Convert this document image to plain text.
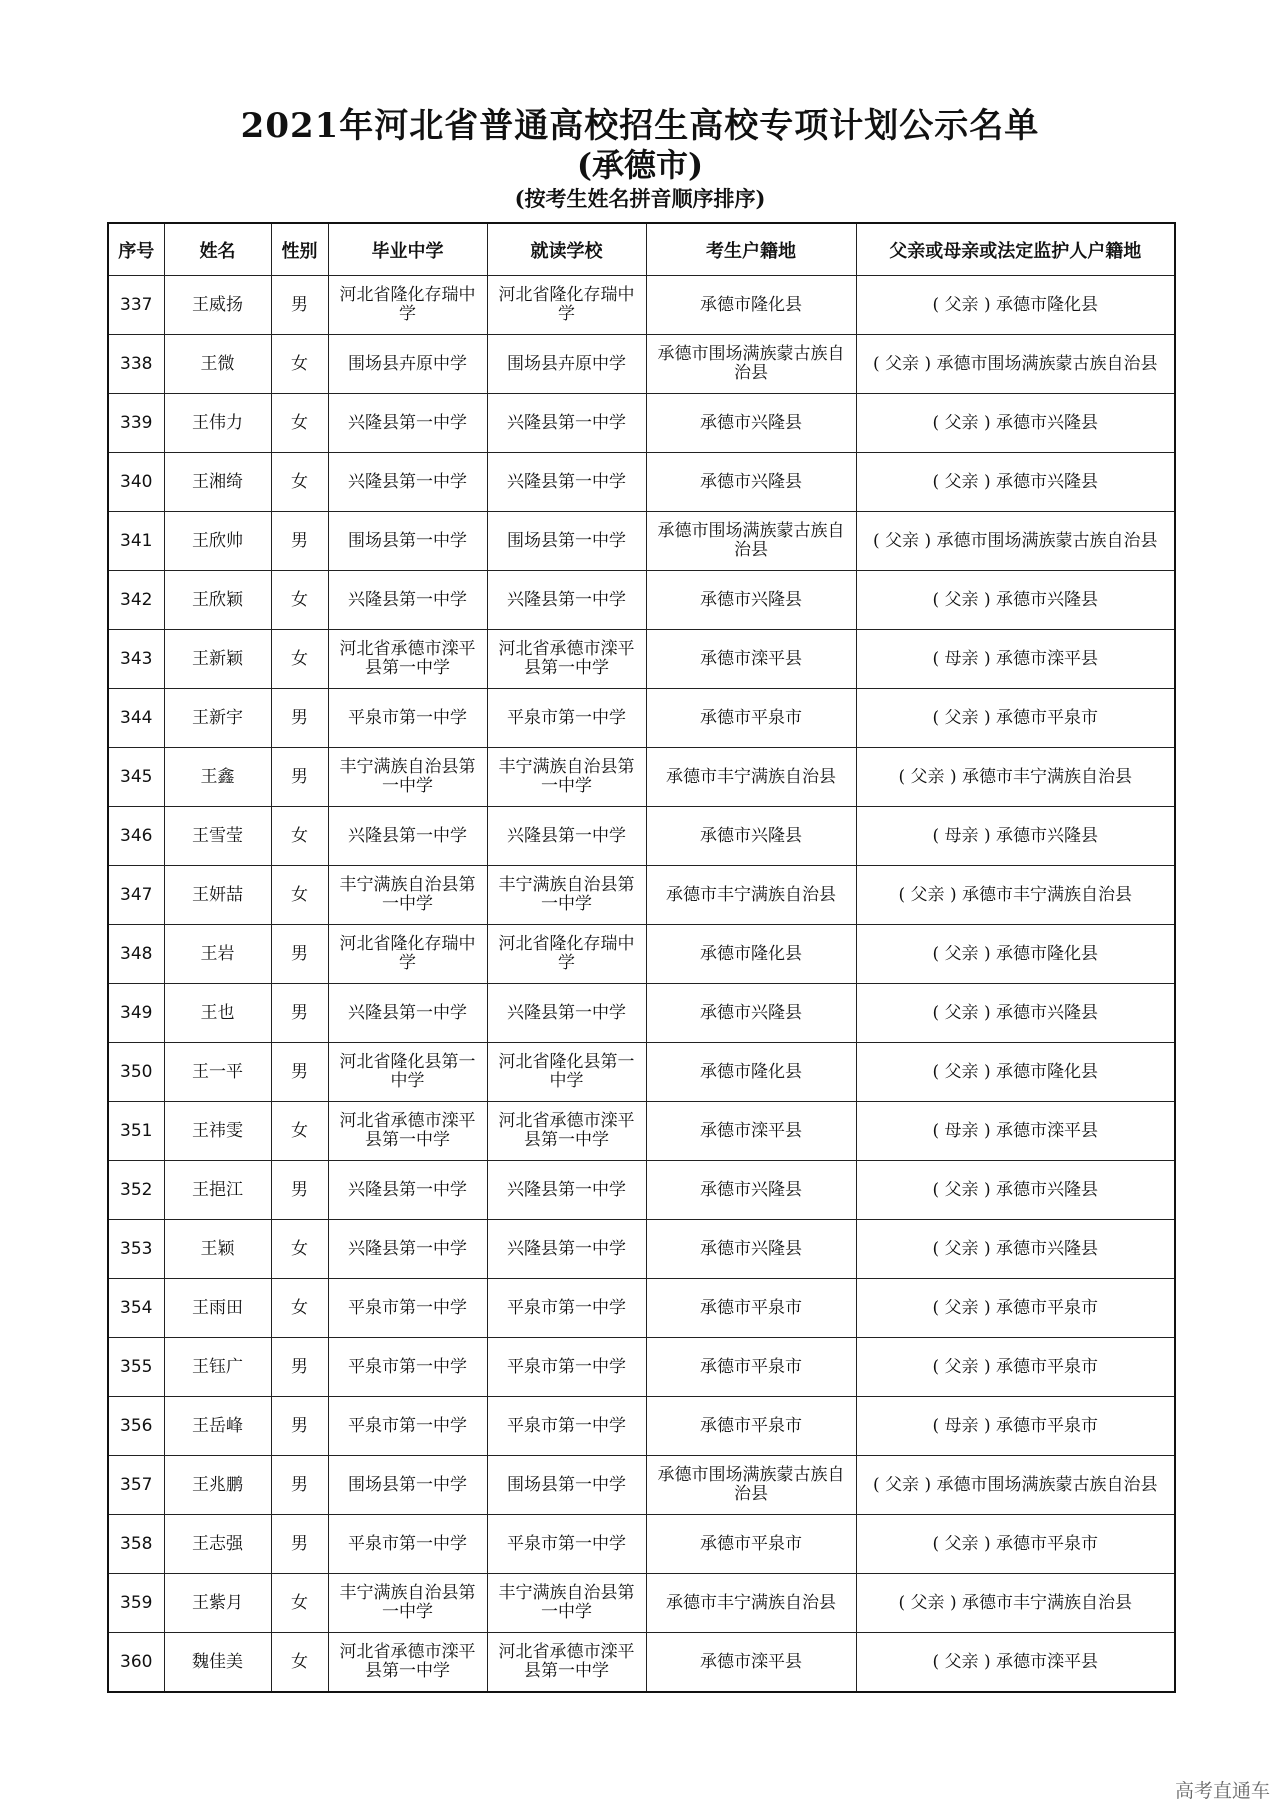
2021年河北省普通高校招生高校专项计划公示名单
(承德市)
(按考生姓名拼音顺序排序)
序号	姓名	性别	毕业中学	就读学校	考生户籍地	父亲或母亲或法定监护人户籍地
337	王威扬	男	河北省隆化存瑞中学	河北省隆化存瑞中学	承德市隆化县	( 父亲 ) 承德市隆化县
338	王微	女	围场县卉原中学	围场县卉原中学	承德市围场满族蒙古族自治县	( 父亲 ) 承德市围场满族蒙古族自治县
339	王伟力	女	兴隆县第一中学	兴隆县第一中学	承德市兴隆县	( 父亲 ) 承德市兴隆县
340	王湘绮	女	兴隆县第一中学	兴隆县第一中学	承德市兴隆县	( 父亲 ) 承德市兴隆县
341	王欣帅	男	围场县第一中学	围场县第一中学	承德市围场满族蒙古族自治县	( 父亲 ) 承德市围场满族蒙古族自治县
342	王欣颖	女	兴隆县第一中学	兴隆县第一中学	承德市兴隆县	( 父亲 ) 承德市兴隆县
343	王新颖	女	河北省承德市滦平县第一中学	河北省承德市滦平县第一中学	承德市滦平县	( 母亲 ) 承德市滦平县
344	王新宇	男	平泉市第一中学	平泉市第一中学	承德市平泉市	( 父亲 ) 承德市平泉市
345	王鑫	男	丰宁满族自治县第一中学	丰宁满族自治县第一中学	承德市丰宁满族自治县	( 父亲 ) 承德市丰宁满族自治县
346	王雪莹	女	兴隆县第一中学	兴隆县第一中学	承德市兴隆县	( 母亲 ) 承德市兴隆县
347	王妍喆	女	丰宁满族自治县第一中学	丰宁满族自治县第一中学	承德市丰宁满族自治县	( 父亲 ) 承德市丰宁满族自治县
348	王岩	男	河北省隆化存瑞中学	河北省隆化存瑞中学	承德市隆化县	( 父亲 ) 承德市隆化县
349	王也	男	兴隆县第一中学	兴隆县第一中学	承德市兴隆县	( 父亲 ) 承德市兴隆县
350	王一平	男	河北省隆化县第一中学	河北省隆化县第一中学	承德市隆化县	( 父亲 ) 承德市隆化县
351	王祎雯	女	河北省承德市滦平县第一中学	河北省承德市滦平县第一中学	承德市滦平县	( 母亲 ) 承德市滦平县
352	王挹江	男	兴隆县第一中学	兴隆县第一中学	承德市兴隆县	( 父亲 ) 承德市兴隆县
353	王颖	女	兴隆县第一中学	兴隆县第一中学	承德市兴隆县	( 父亲 ) 承德市兴隆县
354	王雨田	女	平泉市第一中学	平泉市第一中学	承德市平泉市	( 父亲 ) 承德市平泉市
355	王钰广	男	平泉市第一中学	平泉市第一中学	承德市平泉市	( 父亲 ) 承德市平泉市
356	王岳峰	男	平泉市第一中学	平泉市第一中学	承德市平泉市	( 母亲 ) 承德市平泉市
357	王兆鹏	男	围场县第一中学	围场县第一中学	承德市围场满族蒙古族自治县	( 父亲 ) 承德市围场满族蒙古族自治县
358	王志强	男	平泉市第一中学	平泉市第一中学	承德市平泉市	( 父亲 ) 承德市平泉市
359	王紫月	女	丰宁满族自治县第一中学	丰宁满族自治县第一中学	承德市丰宁满族自治县	( 父亲 ) 承德市丰宁满族自治县
360	魏佳美	女	河北省承德市滦平县第一中学	河北省承德市滦平县第一中学	承德市滦平县	( 父亲 ) 承德市滦平县
高考直通车
